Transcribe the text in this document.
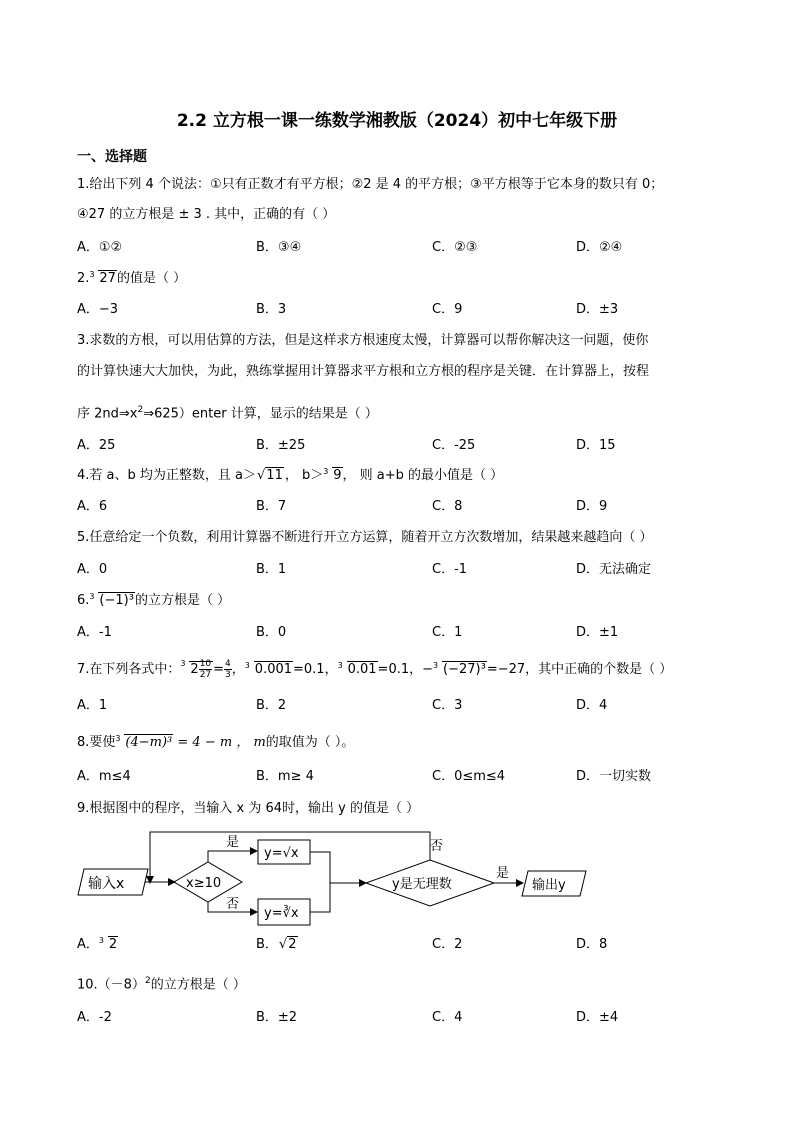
2.2 立方根一课一练数学湘教版（2024）初中七年级下册
一、选择题
1.给出下列 4 个说法：①只有正数才有平方根；②2 是 4 的平方根；③平方根等于它本身的数只有 0；
④27 的立方根是 ± 3 . 其中，正确的有（ ）
A．①②	B．③④	C．②③	D．②④
2. 3 27的值是（ ）
A．−3	B．3	C．9	D．±3
3.求数的方根，可以用估算的方法，但是这样求方根速度太慢，计算器可以帮你解决这一问题，使你
的计算快速大大加快，为此，熟练掌握用计算器求平方根和立方根的程序是关键．在计算器上，按程
序 $2nd\Rightarrow x^2\Rightarrow 625)enter$ 计算，显示的结果是（ ）
A．25	B．±25	C．-25	D．15
4.若 a、b 均为正整数，且 a＞√11 ， b＞ 3 9， 则 a+b 的最小值是（ ）
A．6	B．7	C．8	D．9
5.任意给定一个负数，利用计算器不断进行开立方运算，随着开立方次数增加，结果越来越趋向（ ）
A．0	B．1	C．-1	D．无法确定
6. 3 (−1)³的立方根是（ ）
A．-1	B．0	C．1	D．±1
7.在下列各式中： 3 $2 \frac{10}{27}= \frac{4}{3}$， 3 0.001=0.1， 3 0.01=0.1，− 3 (−27)³=−27，其中正确的个数是（ ）
A．1	B．2	C．3	D．4
8.要使 3 (4−m)³ = 4 − m ， m的取值为（ ）。
A．m≤4	B．m≥ 4	C．0≤m≤4	D．一切实数
9.根据图中的程序，当输入 x 为 64时，输出 y 的值是（ ）
输入x	x≥10
是
否
y=√x
y=∛x
y是无理数
否
是
输出y
A． 3 2	B．√2	C．2	D．8
$10.(-8)^2$的立方根是（ ）
A．-2	B．±2	C．4	D．±4
